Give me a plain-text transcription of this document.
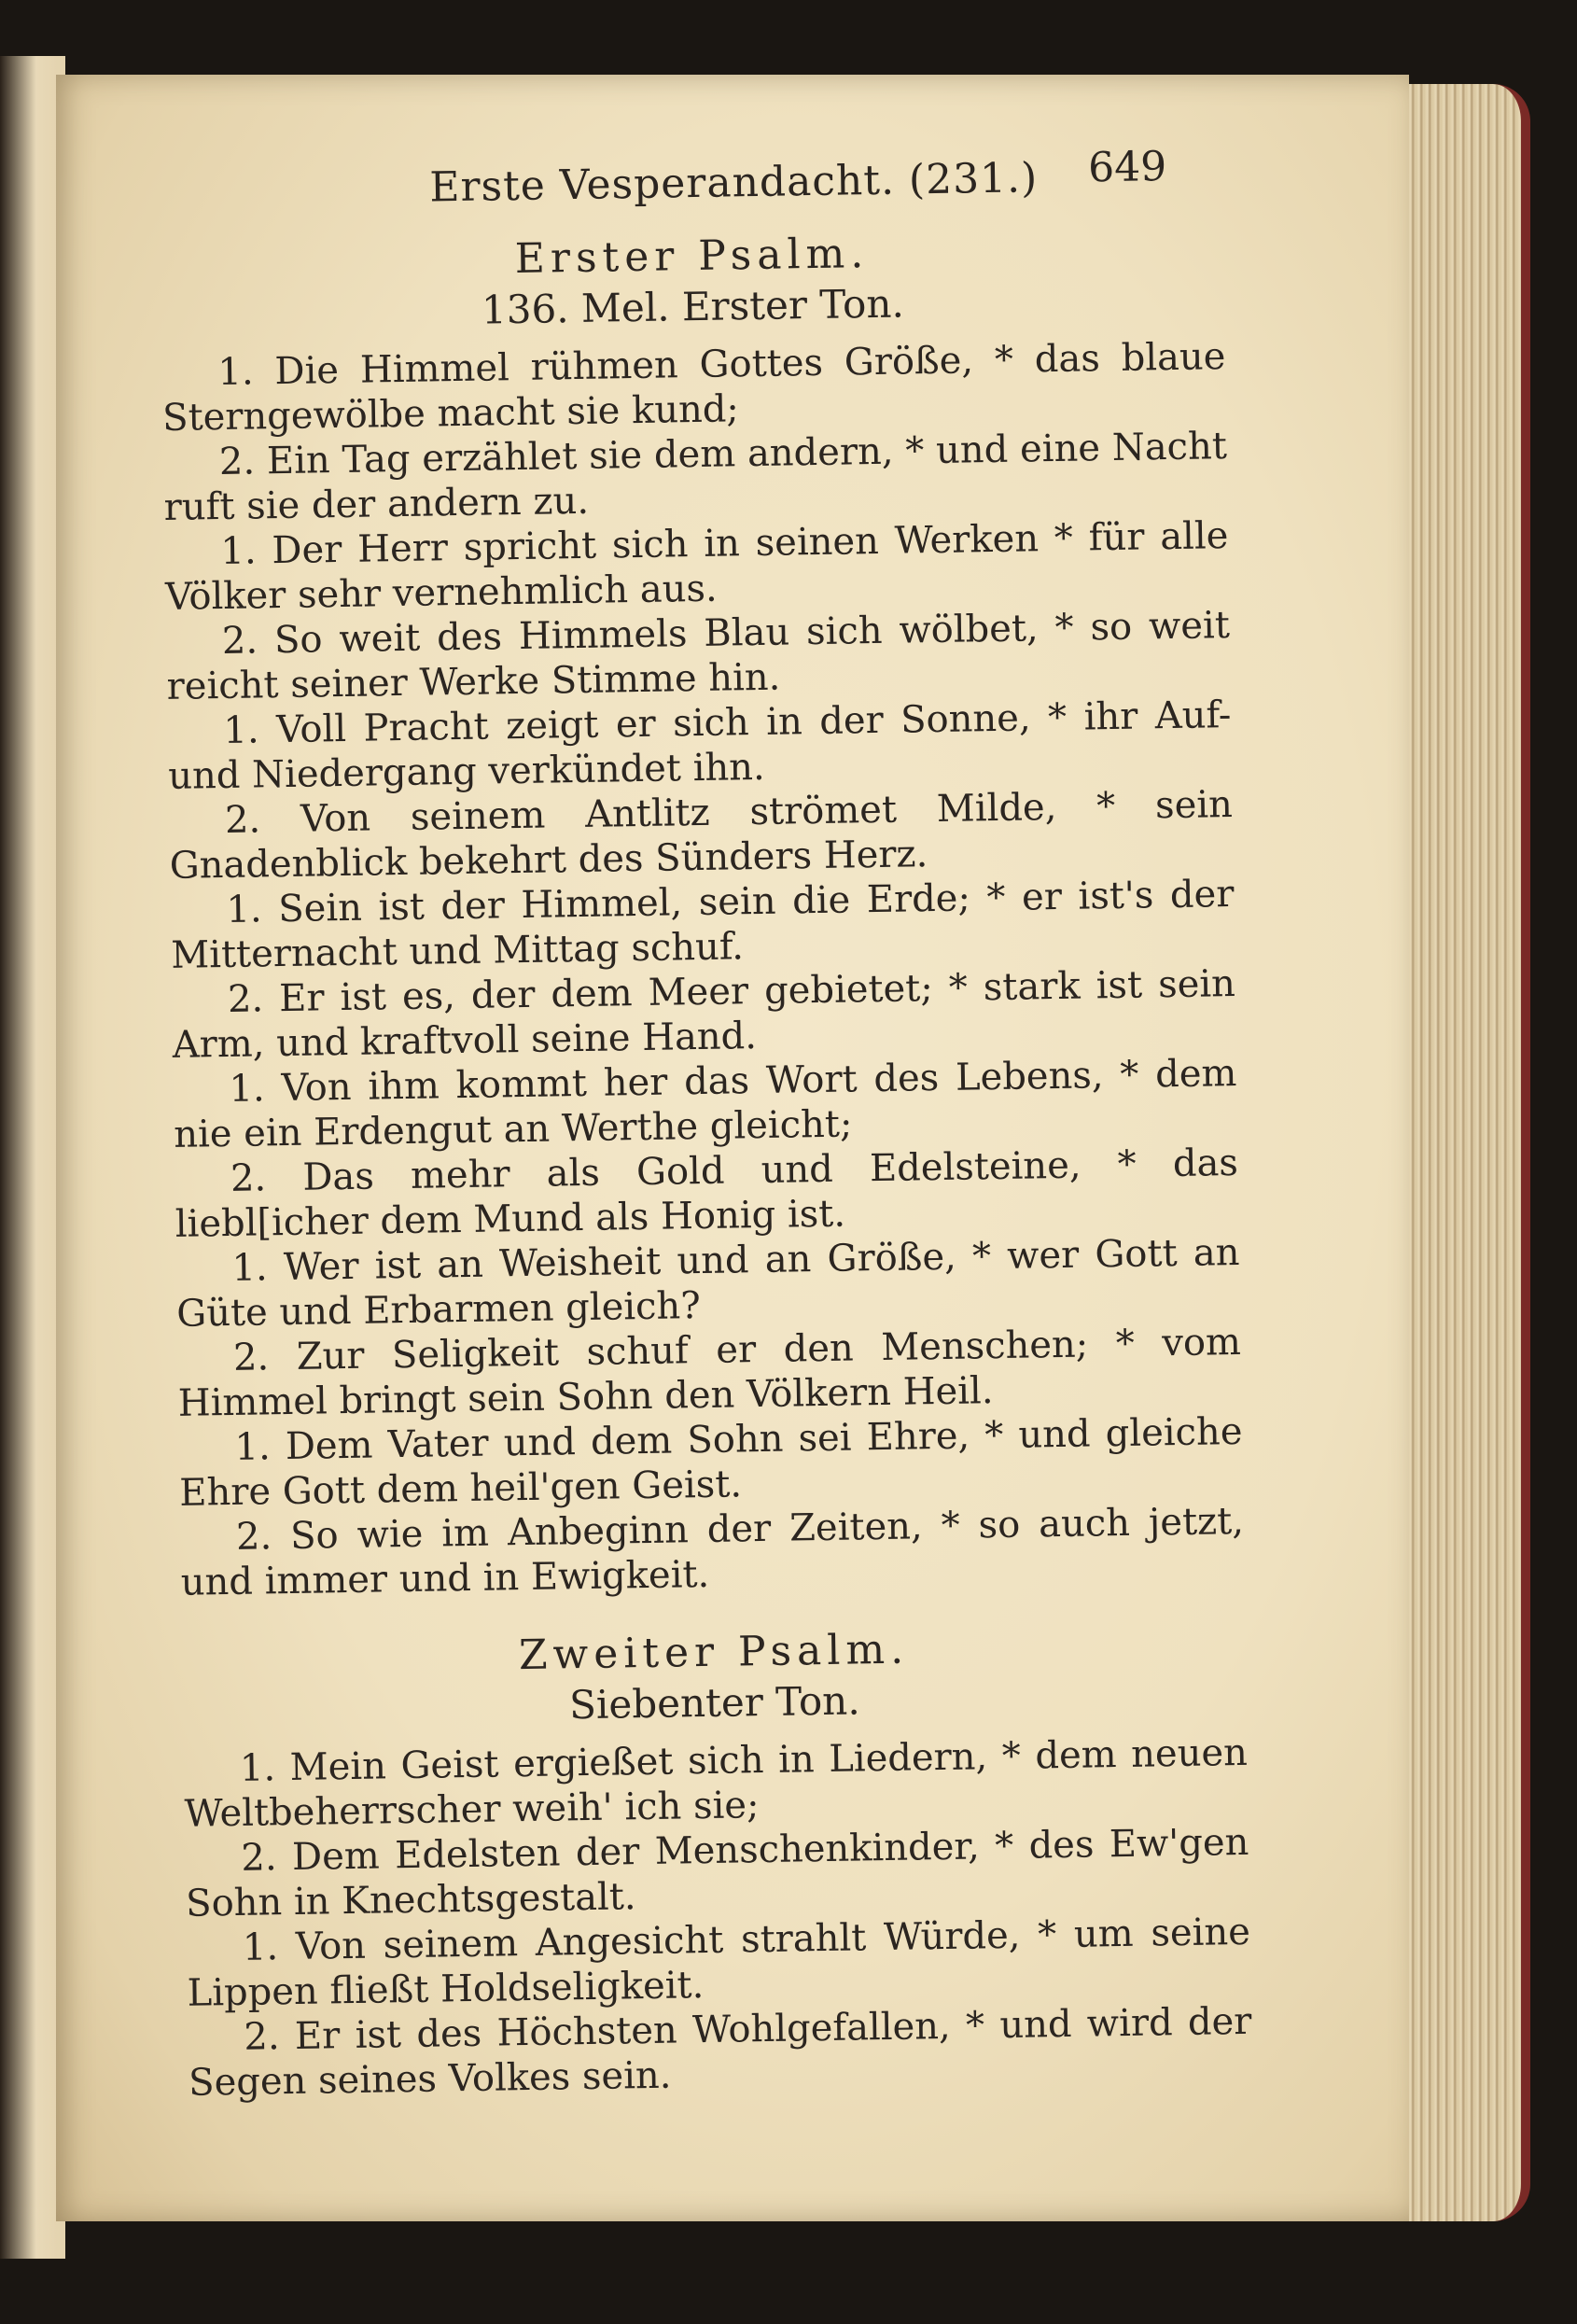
Erste Vesperandacht. (231.) 649
Erster Psalm.
136. Mel. Erster Ton.

1. Die Himmel rühmen Gottes Größe, * das blaue Sterngewölbe macht sie kund;

2. Ein Tag erzählet sie dem andern, * und eine Nacht ruft sie der andern zu.

1. Der Herr spricht sich in seinen Werken * für alle Völker sehr vernehmlich aus.

2. So weit des Himmels Blau sich wölbet, * so weit reicht seiner Werke Stimme hin.

1. Voll Pracht zeigt er sich in der Sonne, * ihr Auf- und Niedergang verkündet ihn.

2. Von seinem Antlitz strömet Milde, * sein Gnadenblick bekehrt des Sünders Herz.

1. Sein ist der Himmel, sein die Erde; * er ist's der Mitternacht und Mittag schuf.

2. Er ist es, der dem Meer gebietet; * stark ist sein Arm, und kraftvoll seine Hand.

1. Von ihm kommt her das Wort des Lebens, * dem nie ein Erdengut an Werthe gleicht;

2. Das mehr als Gold und Edelsteine, * das liebl[icher dem Mund als Honig ist.

1. Wer ist an Weisheit und an Größe, * wer Gott an Güte und Erbarmen gleich?

2. Zur Seligkeit schuf er den Menschen; * vom Himmel bringt sein Sohn den Völkern Heil.

1. Dem Vater und dem Sohn sei Ehre, * und gleiche Ehre Gott dem heil'gen Geist.

2. So wie im Anbeginn der Zeiten, * so auch jetzt, und immer und in Ewigkeit.

Zweiter Psalm.
Siebenter Ton.

1. Mein Geist ergießet sich in Liedern, * dem neuen Weltbeherrscher weih' ich sie;

2. Dem Edelsten der Menschenkinder, * des Ew'gen Sohn in Knechtsgestalt.

1. Von seinem Angesicht strahlt Würde, * um seine Lippen fließt Holdseligkeit.

2. Er ist des Höchsten Wohlgefallen, * und wird der Segen seines Volkes sein.
